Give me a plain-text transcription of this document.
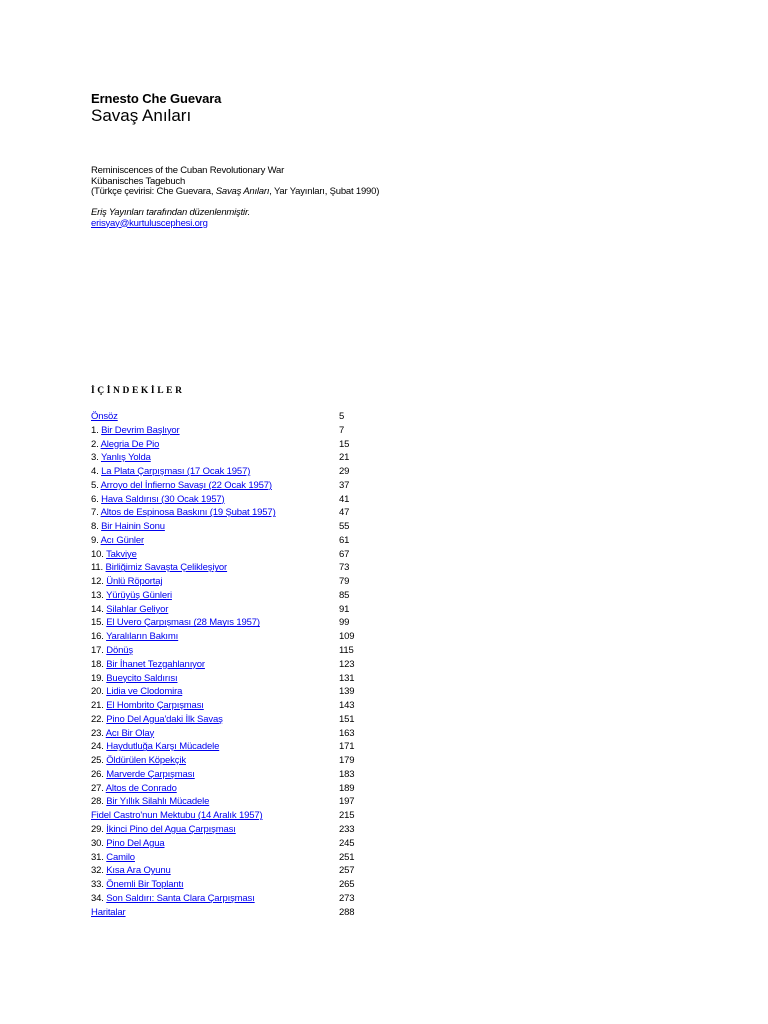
Ernesto Che Guevara
Savaş Anıları
Reminiscences of the Cuban Revolutionary War
Kübanisches Tagebuch
(Türkçe çevirisi: Che Guevara, Savaş Anıları, Yar Yayınları, Şubat 1990)
Eriş Yayınları tarafından düzenlenmiştir.
erisyay@kurtuluscephesi.org
İÇİNDEKİLER
Önsöz	5
1. Bir Devrim Başlıyor	7
2. Alegria De Pio	15
3. Yanlış Yolda	21
4. La Plata Çarpışması (17 Ocak 1957)	29
5. Arroyo del İnfierno Savaşı (22 Ocak 1957)	37
6. Hava Saldırısı (30 Ocak 1957)	41
7. Altos de Espinosa Baskını (19 Şubat 1957)	47
8. Bir Hainin Sonu	55
9. Acı Günler	61
10. Takviye	67
11. Birliğimiz Savaşta Çelikleşiyor	73
12. Ünlü Röportaj	79
13. Yürüyüş Günleri	85
14. Silahlar Geliyor	91
15. El Uvero Çarpışması (28 Mayıs 1957)	99
16. Yaralıların Bakımı	109
17. Dönüş	115
18. Bir İhanet Tezgahlanıyor	123
19. Bueycito Saldırısı	131
20. Lidia ve Clodomira	139
21. El Hombrito Çarpışması	143
22. Pino Del Agua'daki İlk Savaş	151
23. Acı Bir Olay	163
24. Haydutluğa Karşı Mücadele	171
25. Öldürülen Köpekçik	179
26. Marverde Çarpışması	183
27. Altos de Conrado	189
28. Bir Yıllık Silahlı Mücadele	197
Fidel Castro'nun Mektubu (14 Aralık 1957)	215
29. İkinci Pino del Agua Çarpışması	233
30. Pino Del Agua	245
31. Camilo	251
32. Kısa Ara Oyunu	257
33. Önemli Bir Toplantı	265
34. Son Saldırı: Santa Clara Çarpışması	273
Haritalar	288
